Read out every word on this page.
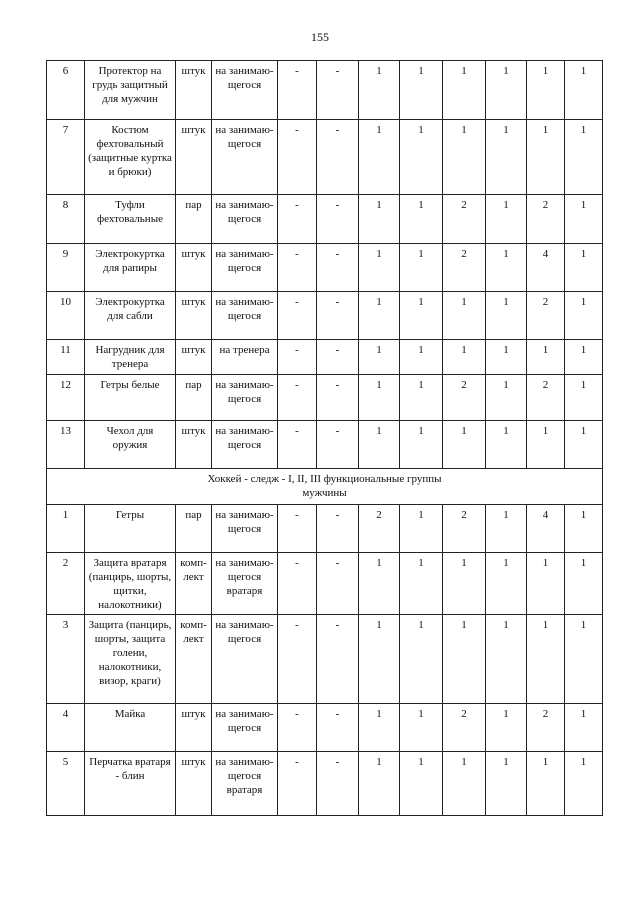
155
6	Протектор на грудь защитный для мужчин	штук	на занимаю-щегося	-	-	1	1	1	1	1	1
7	Костюм фехтовальный (защитные куртка и брюки)	штук	на занимаю-щегося	-	-	1	1	1	1	1	1
8	Туфли фехтовальные	пар	на занимаю-щегося	-	-	1	1	2	1	2	1
9	Электрокуртка для рапиры	штук	на занимаю-щегося	-	-	1	1	2	1	4	1
10	Электрокуртка для сабли	штук	на занимаю-щегося	-	-	1	1	1	1	2	1
11	Нагрудник для тренера	штук	на тренера	-	-	1	1	1	1	1	1
12	Гетры белые	пар	на занимаю-щегося	-	-	1	1	2	1	2	1
13	Чехол для оружия	штук	на занимаю-щегося	-	-	1	1	1	1	1	1

Хоккей - следж - I, II, III функциональные группы
мужчины											

1	Гетры	пар	на занимаю-щегося	-	-	2	1	2	1	4	1
2	Защита вратаря (панцирь, шорты, щитки, налокотники)	комп-лект	на занимаю-щегося вратаря	-	-	1	1	1	1	1	1
3	Защита (панцирь, шорты, защита голени, налокотники, визор, краги)	комп-лект	на занимаю-щегося	-	-	1	1	1	1	1	1
4	Майка	штук	на занимаю-щегося	-	-	1	1	2	1	2	1
5	Перчатка вратаря - блин	штук	на занимаю-щегося вратаря	-	-	1	1	1	1	1	1
